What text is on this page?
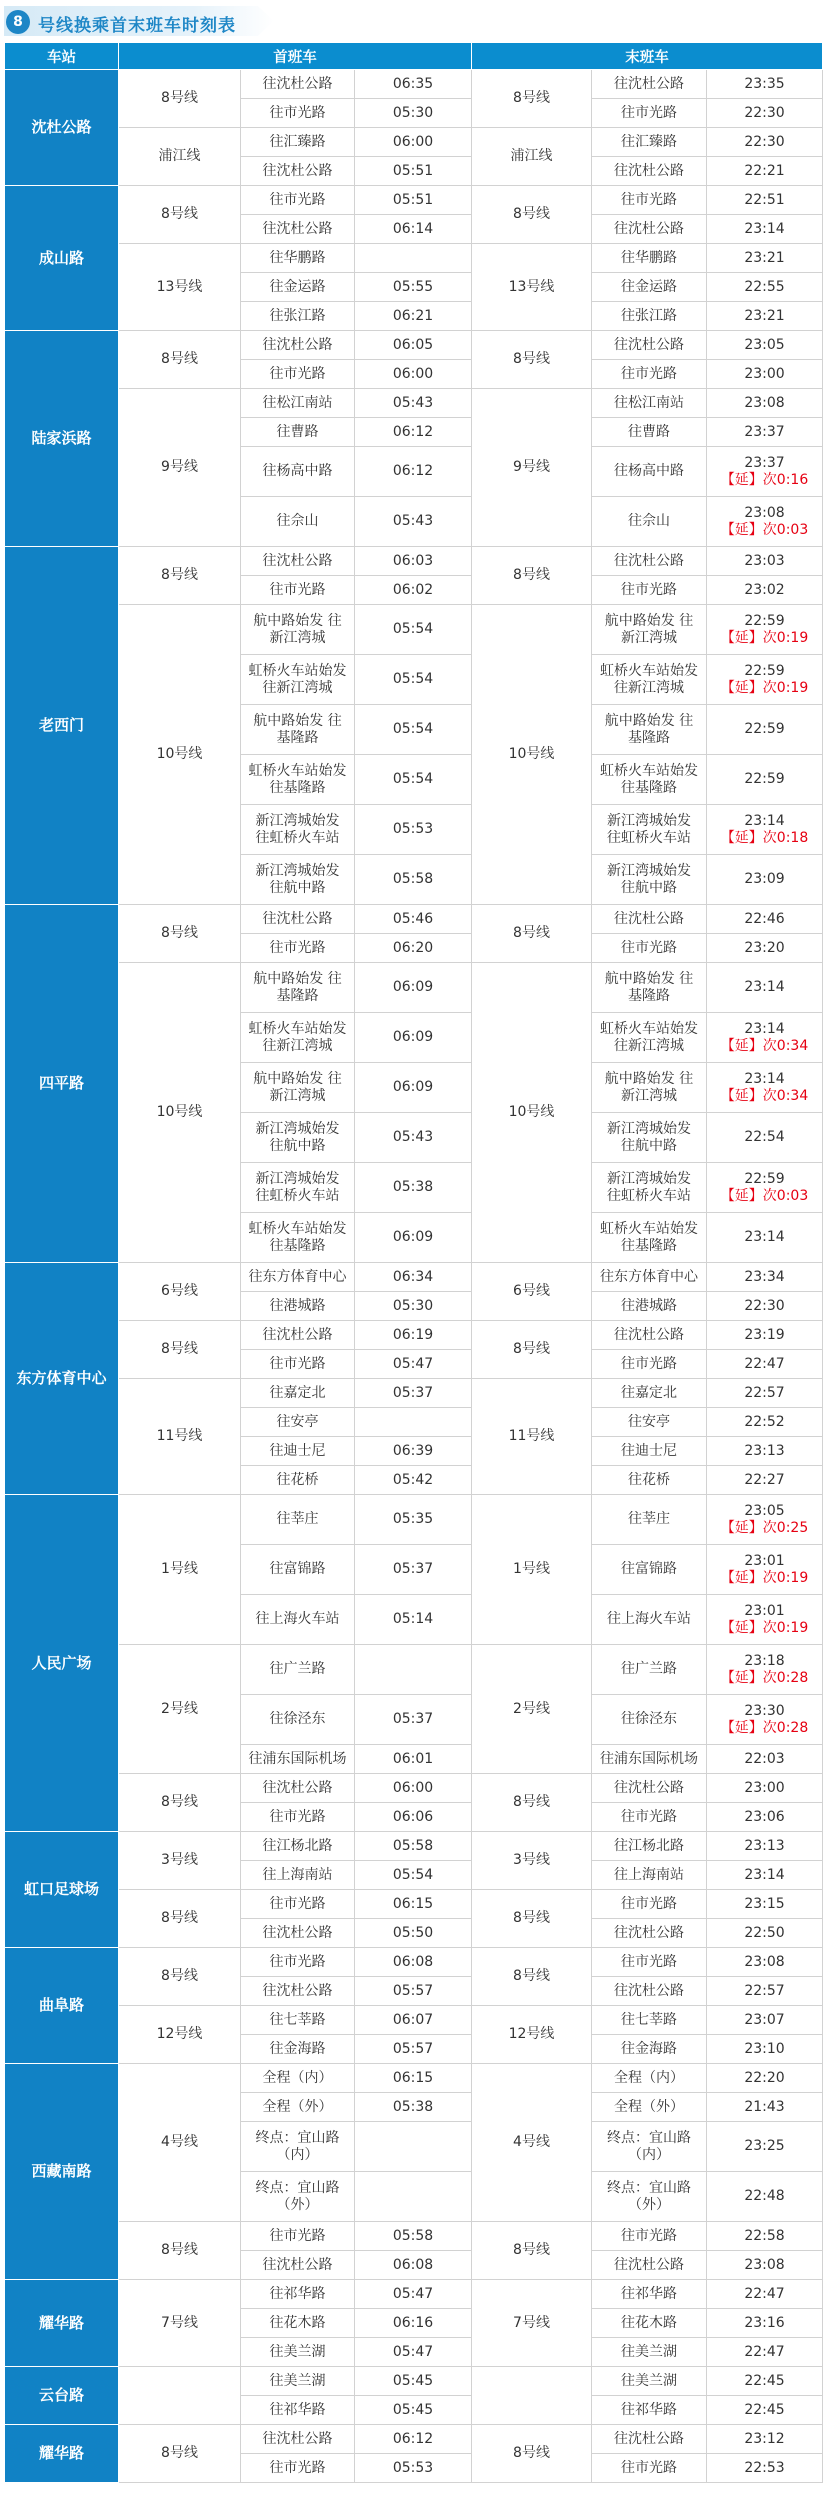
8 号线换乘首末班车时刻表
车站	首班车			末班车		
沈杜公路	8号线	往沈杜公路	06:35	8号线	往沈杜公路	23:35

		往市光路	05:30		往市光路	22:30

	浦江线	往汇臻路	06:00	浦江线	往汇臻路	22:30

		往沈杜公路	05:51		往沈杜公路	22:21

成山路	8号线	往市光路	05:51	8号线	往市光路	22:51

		往沈杜公路	06:14		往沈杜公路	23:14

	13号线	往华鹏路		13号线	往华鹏路	23:21

		往金运路	05:55		往金运路	22:55

		往张江路	06:21		往张江路	23:21

陆家浜路	8号线	往沈杜公路	06:05	8号线	往沈杜公路	23:05

		往市光路	06:00		往市光路	23:00

	9号线	往松江南站	05:43	9号线	往松江南站	23:08

		往曹路	06:12		往曹路	23:37

		往杨高中路	06:12		往杨高中路	23:37
【延】次0:16

		往佘山	05:43		往佘山	23:08
【延】次0:03

老西门	8号线	往沈杜公路	06:03	8号线	往沈杜公路	23:03

		往市光路	06:02		往市光路	23:02

	10号线	航中路始发 往新江湾城	05:54	10号线	航中路始发 往新江湾城	22:59
【延】次0:19

		虹桥火车站始发 往新江湾城	05:54		虹桥火车站始发 往新江湾城	22:59
【延】次0:19

		航中路始发 往基隆路	05:54		航中路始发 往基隆路	22:59

		虹桥火车站始发 往基隆路	05:54		虹桥火车站始发 往基隆路	22:59

		新江湾城始发 往虹桥火车站	05:53		新江湾城始发 往虹桥火车站	23:14
【延】次0:18

		新江湾城始发 往航中路	05:58		新江湾城始发 往航中路	23:09

四平路	8号线	往沈杜公路	05:46	8号线	往沈杜公路	22:46

		往市光路	06:20		往市光路	23:20

	10号线	航中路始发 往基隆路	06:09	10号线	航中路始发 往基隆路	23:14

		虹桥火车站始发 往新江湾城	06:09		虹桥火车站始发 往新江湾城	23:14
【延】次0:34

		航中路始发 往新江湾城	06:09		航中路始发 往新江湾城	23:14
【延】次0:34

		新江湾城始发 往航中路	05:43		新江湾城始发 往航中路	22:54

		新江湾城始发 往虹桥火车站	05:38		新江湾城始发 往虹桥火车站	22:59
【延】次0:03

		虹桥火车站始发 往基隆路	06:09		虹桥火车站始发 往基隆路	23:14

东方体育中心	6号线	往东方体育中心	06:34	6号线	往东方体育中心	23:34

		往港城路	05:30		往港城路	22:30

	8号线	往沈杜公路	06:19	8号线	往沈杜公路	23:19

		往市光路	05:47		往市光路	22:47

	11号线	往嘉定北	05:37	11号线	往嘉定北	22:57

		往安亭			往安亭	22:52

		往迪士尼	06:39		往迪士尼	23:13

		往花桥	05:42		往花桥	22:27

人民广场	1号线	往莘庄	05:35	1号线	往莘庄	23:05
【延】次0:25

		往富锦路	05:37		往富锦路	23:01
【延】次0:19

		往上海火车站	05:14		往上海火车站	23:01
【延】次0:19

	2号线	往广兰路		2号线	往广兰路	23:18
【延】次0:28

		往徐泾东	05:37		往徐泾东	23:30
【延】次0:28

		往浦东国际机场	06:01		往浦东国际机场	22:03

	8号线	往沈杜公路	06:00	8号线	往沈杜公路	23:00

		往市光路	06:06		往市光路	23:06

虹口足球场	3号线	往江杨北路	05:58	3号线	往江杨北路	23:13

		往上海南站	05:54		往上海南站	23:14

	8号线	往市光路	06:15	8号线	往市光路	23:15

		往沈杜公路	05:50		往沈杜公路	22:50

曲阜路	8号线	往市光路	06:08	8号线	往市光路	23:08

		往沈杜公路	05:57		往沈杜公路	22:57

	12号线	往七莘路	06:07	12号线	往七莘路	23:07

		往金海路	05:57		往金海路	23:10

西藏南路	4号线	全程（内）	06:15	4号线	全程（内）	22:20

		全程（外）	05:38		全程（外）	21:43

		终点：宜山路（内）			终点：宜山路（内）	23:25

		终点：宜山路（外）			终点：宜山路（外）	22:48

	8号线	往市光路	05:58	8号线	往市光路	22:58

		往沈杜公路	06:08		往沈杜公路	23:08

耀华路	7号线	往祁华路	05:47	7号线	往祁华路	22:47

		往花木路	06:16		往花木路	23:16

		往美兰湖	05:47		往美兰湖	22:47

云台路		往美兰湖	05:45		往美兰湖	22:45

		往祁华路	05:45		往祁华路	22:45

耀华路	8号线	往沈杜公路	06:12	8号线	往沈杜公路	23:12

		往市光路	05:53		往市光路	22:53
